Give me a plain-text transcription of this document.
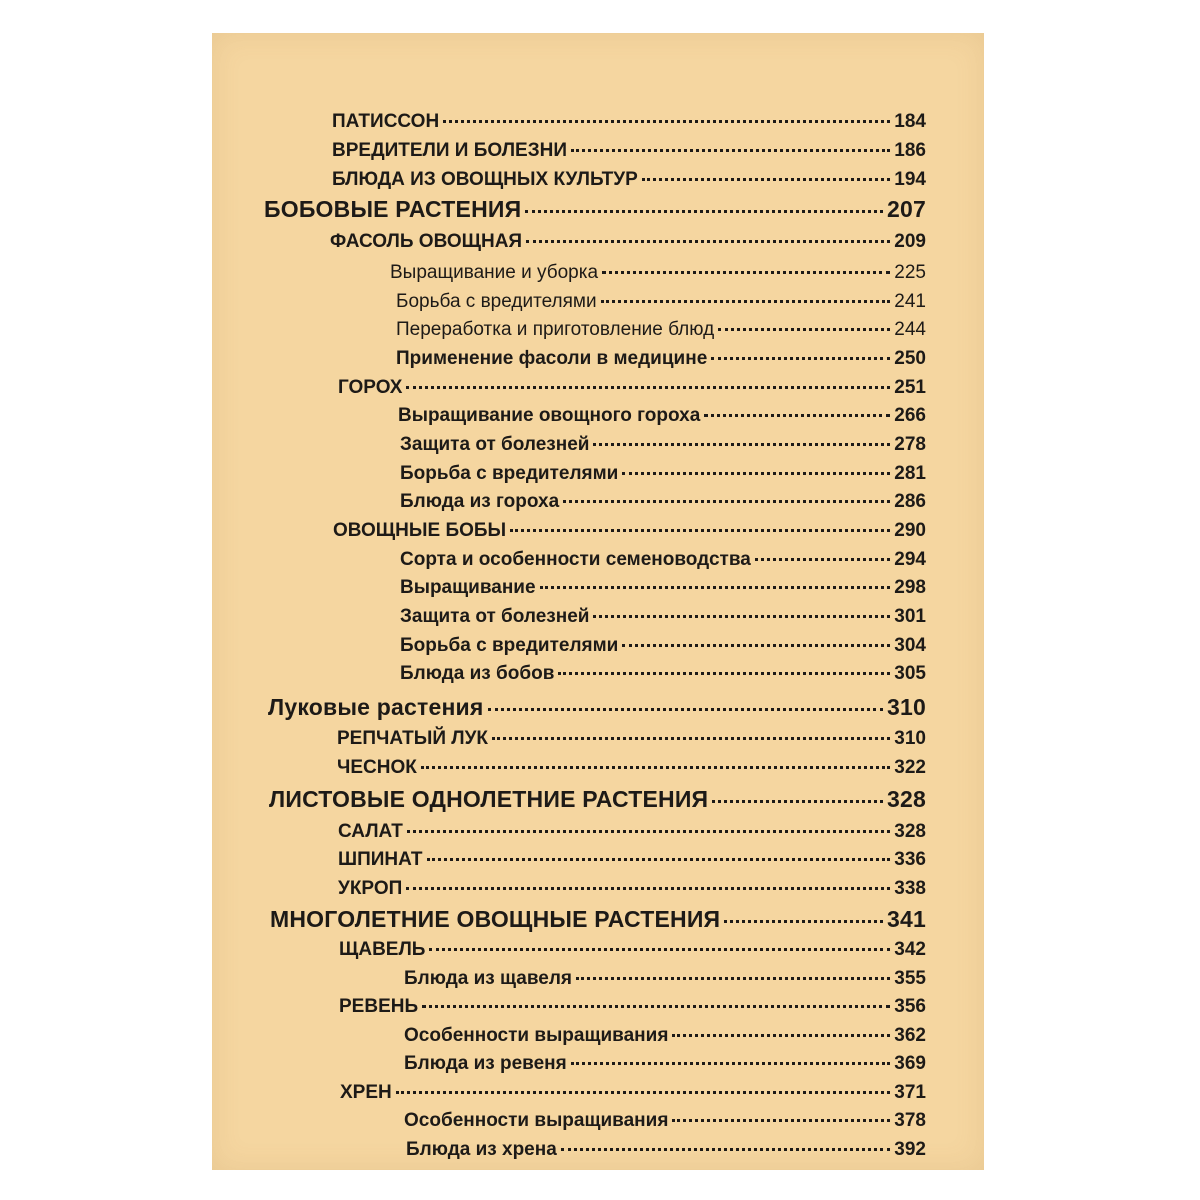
ПАТИССОН	184
ВРЕДИТЕЛИ И БОЛЕЗНИ	186
БЛЮДА ИЗ ОВОЩНЫХ КУЛЬТУР	194
БОБОВЫЕ РАСТЕНИЯ	207
ФАСОЛЬ ОВОЩНАЯ	209
Выращивание и уборка	225
Борьба с вредителями	241
Переработка и приготовление блюд	244
Применение фасоли в медицине	250
ГОРОХ	251
Выращивание овощного гороха	266
Защита от болезней	278
Борьба с вредителями	281
Блюда из гороха	286
ОВОЩНЫЕ БОБЫ	290
Сорта и особенности семеноводства	294
Выращивание	298
Защита от болезней	301
Борьба с вредителями	304
Блюда из бобов	305
Луковые растения	310
РЕПЧАТЫЙ ЛУК	310
ЧЕСНОК	322
ЛИСТОВЫЕ ОДНОЛЕТНИЕ РАСТЕНИЯ	328
САЛАТ	328
ШПИНАТ	336
УКРОП	338
МНОГОЛЕТНИЕ ОВОЩНЫЕ РАСТЕНИЯ	341
ЩАВЕЛЬ	342
Блюда из щавеля	355
РЕВЕНЬ	356
Особенности выращивания	362
Блюда из ревеня	369
ХРЕН	371
Особенности выращивания	378
Блюда из хрена	392
